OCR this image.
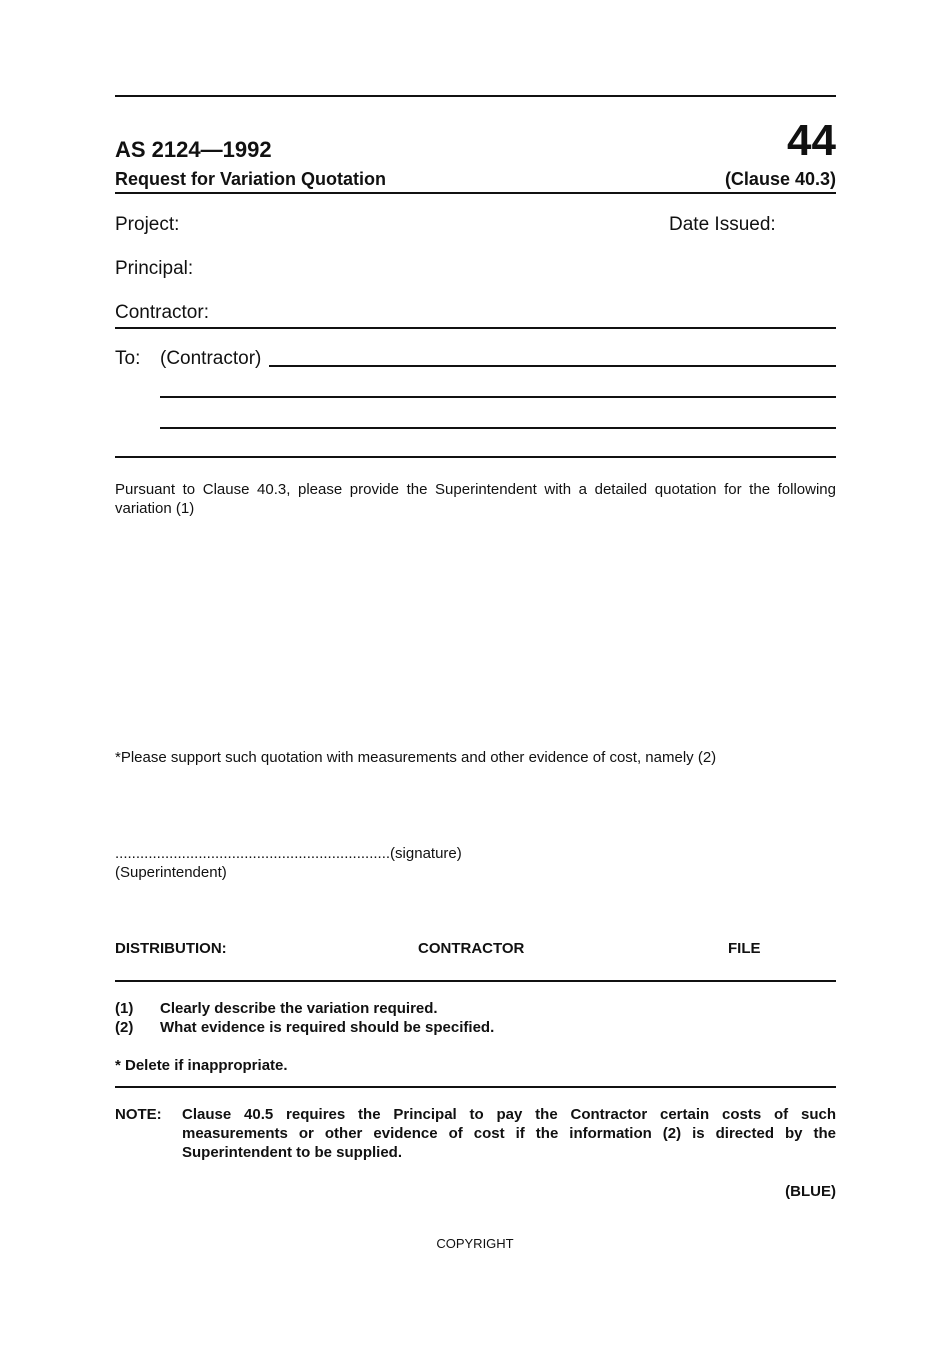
AS 2124—1992	44
Request for Variation Quotation	(Clause 40.3)
Project:	Date Issued:
Principal:
Contractor:
To: (Contractor)
Pursuant to Clause 40.3, please provide the Superintendent with a detailed quotation for the following variation (1)
*Please support such quotation with measurements and other evidence of cost, namely (2)
..................................................................(signature)
(Superintendent)
DISTRIBUTION:	CONTRACTOR	FILE
(1) Clearly describe the variation required.
(2) What evidence is required should be specified.
* Delete if inappropriate.
NOTE: Clause 40.5 requires the Principal to pay the Contractor certain costs of such measurements or other evidence of cost if the information (2) is directed by the Superintendent to be supplied.
(BLUE)
COPYRIGHT
